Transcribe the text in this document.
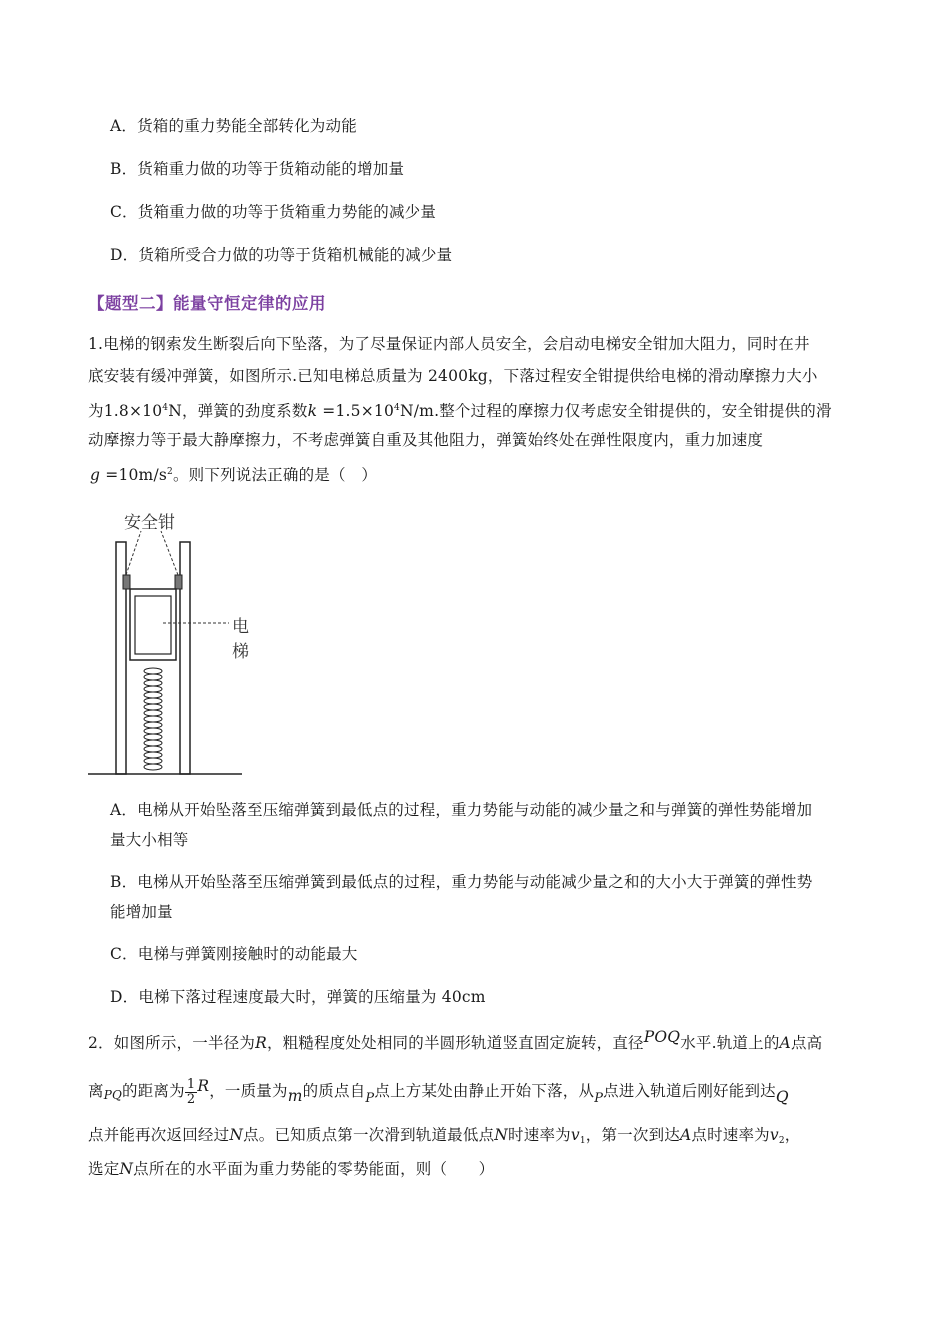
A．货箱的重力势能全部转化为动能
B．货箱重力做的功等于货箱动能的增加量
C．货箱重力做的功等于货箱重力势能的减少量
D．货箱所受合力做的功等于货箱机械能的减少量
【题型二】能量守恒定律的应用
1.电梯的钢索发生断裂后向下坠落，为了尽量保证内部人员安全，会启动电梯安全钳加大阻力，同时在井
底安装有缓冲弹簧，如图所示.已知电梯总质量为 2400kg，下落过程安全钳提供给电梯的滑动摩擦力大小
为$1.8\times 10^4N$，弹簧的劲度系数$k =1.5\times 10^4N/m$.整个过程的摩擦力仅考虑安全钳提供的，安全钳提供的滑
动摩擦力等于最大静摩擦力，不考虑弹簧自重及其他阻力，弹簧始终处在弹性限度内，重力加速度
$g =10m/s^2$。则下列说法正确的是（　）
安全钳
电梯
A．电梯从开始坠落至压缩弹簧到最低点的过程，重力势能与动能的减少量之和与弹簧的弹性势能增加
量大小相等
B．电梯从开始坠落至压缩弹簧到最低点的过程，重力势能与动能减少量之和的大小大于弹簧的弹性势
能增加量
C．电梯与弹簧刚接触时的动能最大
D．电梯下落过程速度最大时，弹簧的压缩量为 40cm
2．如图所示，一半径为R，粗糙程度处处相同的半圆形轨道竖直固定旋转，直径POQ水平.轨道上的A点高
离PQ的距离为 $\frac{1}{2}$ R，一质量为m的质点自$_P$点上方某处由静止开始下落，从$_P$点进入轨道后刚好能到达Q
点并能再次返回经过N点。已知质点第一次滑到轨道最低点N时速率为$v_1$，第一次到达A点时速率为$v_2$，
选定N点所在的水平面为重力势能的零势能面，则（　　）
